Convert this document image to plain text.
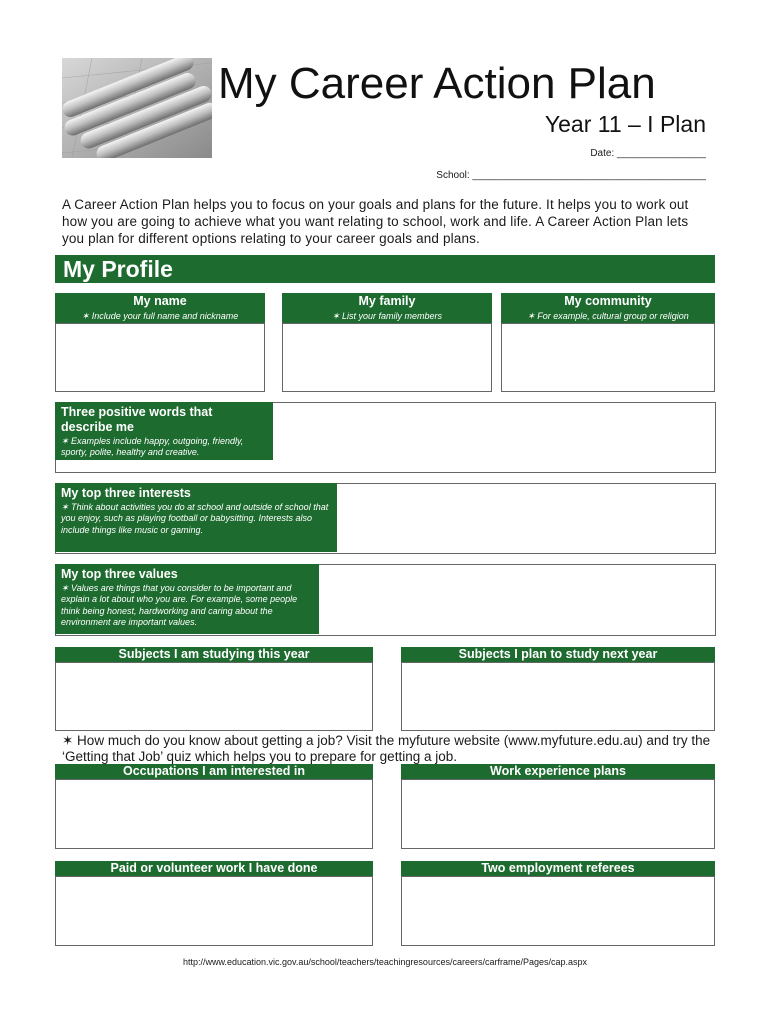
My Career Action Plan
Year 11 – I Plan
Date: ________________
School: __________________________________________
A Career Action Plan helps you to focus on your goals and plans for the future. It helps you to work out how you are going to achieve what you want relating to school, work and life. A Career Action Plan lets you plan for different options relating to your career goals and plans.
My Profile
My name
✶ Include your full name and nickname
My family
✶ List your family members
My community
✶ For example, cultural group or religion
Three positive words that describe me
✶ Examples include happy, outgoing, friendly, sporty, polite, healthy and creative.
My top three interests
✶ Think about activities you do at school and outside of school that you enjoy, such as playing football or babysitting. Interests also include things like music or gaming.
My top three values
✶ Values are things that you consider to be important and explain a lot about who you are. For example, some people think being honest, hardworking and caring about the environment are important values.
Subjects I am studying this year	Subjects I plan to study next year
✶ How much do you know about getting a job? Visit the myfuture website (www.myfuture.edu.au) and try the ‘Getting that Job’ quiz which helps you to prepare for getting a job.
Occupations I am interested in	Work experience plans
Paid or volunteer work I have done	Two employment referees
http://www.education.vic.gov.au/school/teachers/teachingresources/careers/carframe/Pages/cap.aspx
